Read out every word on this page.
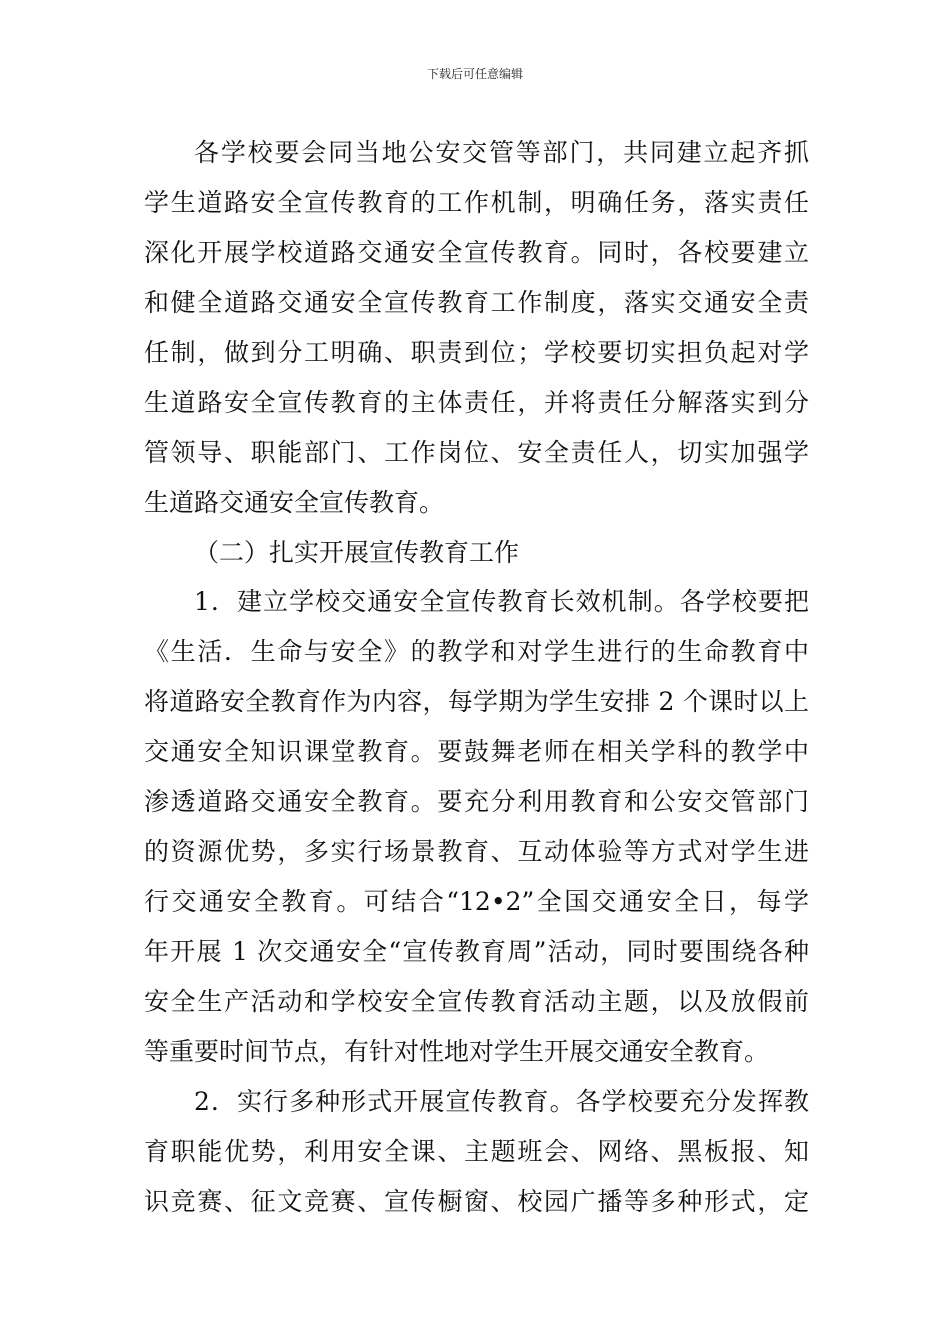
下载后可任意编辑
各学校要会同当地公安交管等部门，共同建立起齐抓
学生道路安全宣传教育的工作机制，明确任务，落实责任
深化开展学校道路交通安全宣传教育。同时，各校要建立
和健全道路交通安全宣传教育工作制度，落实交通安全责
任制，做到分工明确、职责到位；学校要切实担负起对学
生道路安全宣传教育的主体责任，并将责任分解落实到分
管领导、职能部门、工作岗位、安全责任人，切实加强学
生道路交通安全宣传教育。
（二）扎实开展宣传教育工作
1．建立学校交通安全宣传教育长效机制。各学校要把
《生活．生命与安全》的教学和对学生进行的生命教育中
将道路安全教育作为内容，每学期为学生安排 2 个课时以上
交通安全知识课堂教育。要鼓舞老师在相关学科的教学中
渗透道路交通安全教育。要充分利用教育和公安交管部门
的资源优势，多实行场景教育、互动体验等方式对学生进
行交通安全教育。可结合“12•2”全国交通安全日，每学
年开展 1 次交通安全“宣传教育周”活动，同时要围绕各种
安全生产活动和学校安全宣传教育活动主题，以及放假前
等重要时间节点，有针对性地对学生开展交通安全教育。
2．实行多种形式开展宣传教育。各学校要充分发挥教
育职能优势，利用安全课、主题班会、网络、黑板报、知
识竞赛、征文竞赛、宣传橱窗、校园广播等多种形式，定
